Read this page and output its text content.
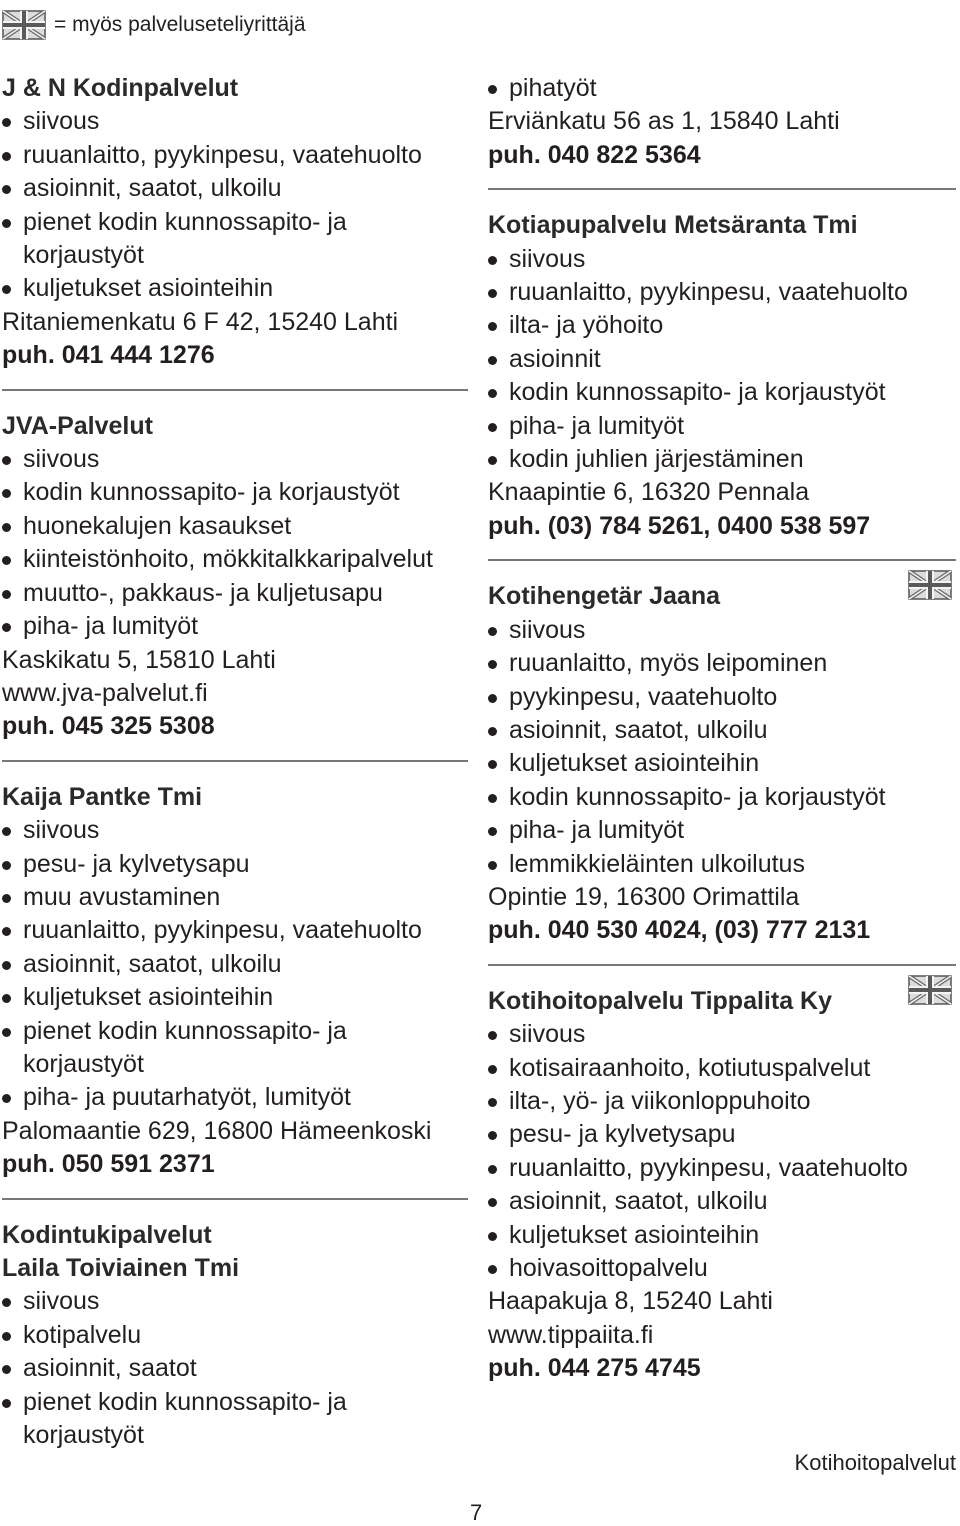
= myös palveluseteliyrittäjä
J & N Kodinpalvelut
siivous
ruuanlaitto, pyykinpesu, vaatehuolto
asioinnit, saatot, ulkoilu
pienet kodin kunnossapito- ja
korjaustyöt
kuljetukset asiointeihin
Ritaniemenkatu 6 F 42, 15240 Lahti
puh. 041 444 1276
JVA-Palvelut
siivous
kodin kunnossapito- ja korjaustyöt
huonekalujen kasaukset
kiinteistönhoito, mökkitalkkaripalvelut
muutto-, pakkaus- ja kuljetusapu
piha- ja lumityöt
Kaskikatu 5, 15810 Lahti
www.jva-palvelut.fi
puh. 045 325 5308
Kaija Pantke Tmi
siivous
pesu- ja kylvetysapu
muu avustaminen
ruuanlaitto, pyykinpesu, vaatehuolto
asioinnit, saatot, ulkoilu
kuljetukset asiointeihin
pienet kodin kunnossapito- ja
korjaustyöt
piha- ja puutarhatyöt, lumityöt
Palomaantie 629, 16800 Hämeenkoski
puh. 050 591 2371
Kodintukipalvelut
Laila Toiviainen Tmi
siivous
kotipalvelu
asioinnit, saatot
pienet kodin kunnossapito- ja
korjaustyöt
pihatyöt
Erviänkatu 56 as 1, 15840 Lahti
puh. 040 822 5364
Kotiapupalvelu Metsäranta Tmi
siivous
ruuanlaitto, pyykinpesu, vaatehuolto
ilta- ja yöhoito
asioinnit
kodin kunnossapito- ja korjaustyöt
piha- ja lumityöt
kodin juhlien järjestäminen
Knaapintie 6, 16320 Pennala
puh. (03) 784 5261, 0400 538 597
Kotihengetär Jaana
siivous
ruuanlaitto, myös leipominen
pyykinpesu, vaatehuolto
asioinnit, saatot, ulkoilu
kuljetukset asiointeihin
kodin kunnossapito- ja korjaustyöt
piha- ja lumityöt
lemmikkieläinten ulkoilutus
Opintie 19, 16300 Orimattila
puh. 040 530 4024, (03) 777 2131
Kotihoitopalvelu Tippalita Ky
siivous
kotisairaanhoito, kotiutuspalvelut
ilta-, yö- ja viikonloppuhoito
pesu- ja kylvetysapu
ruuanlaitto, pyykinpesu, vaatehuolto
asioinnit, saatot, ulkoilu
kuljetukset asiointeihin
hoivasoittopalvelu
Haapakuja 8, 15240 Lahti
www.tippaiita.fi
puh. 044 275 4745
Kotihoitopalvelut
7
